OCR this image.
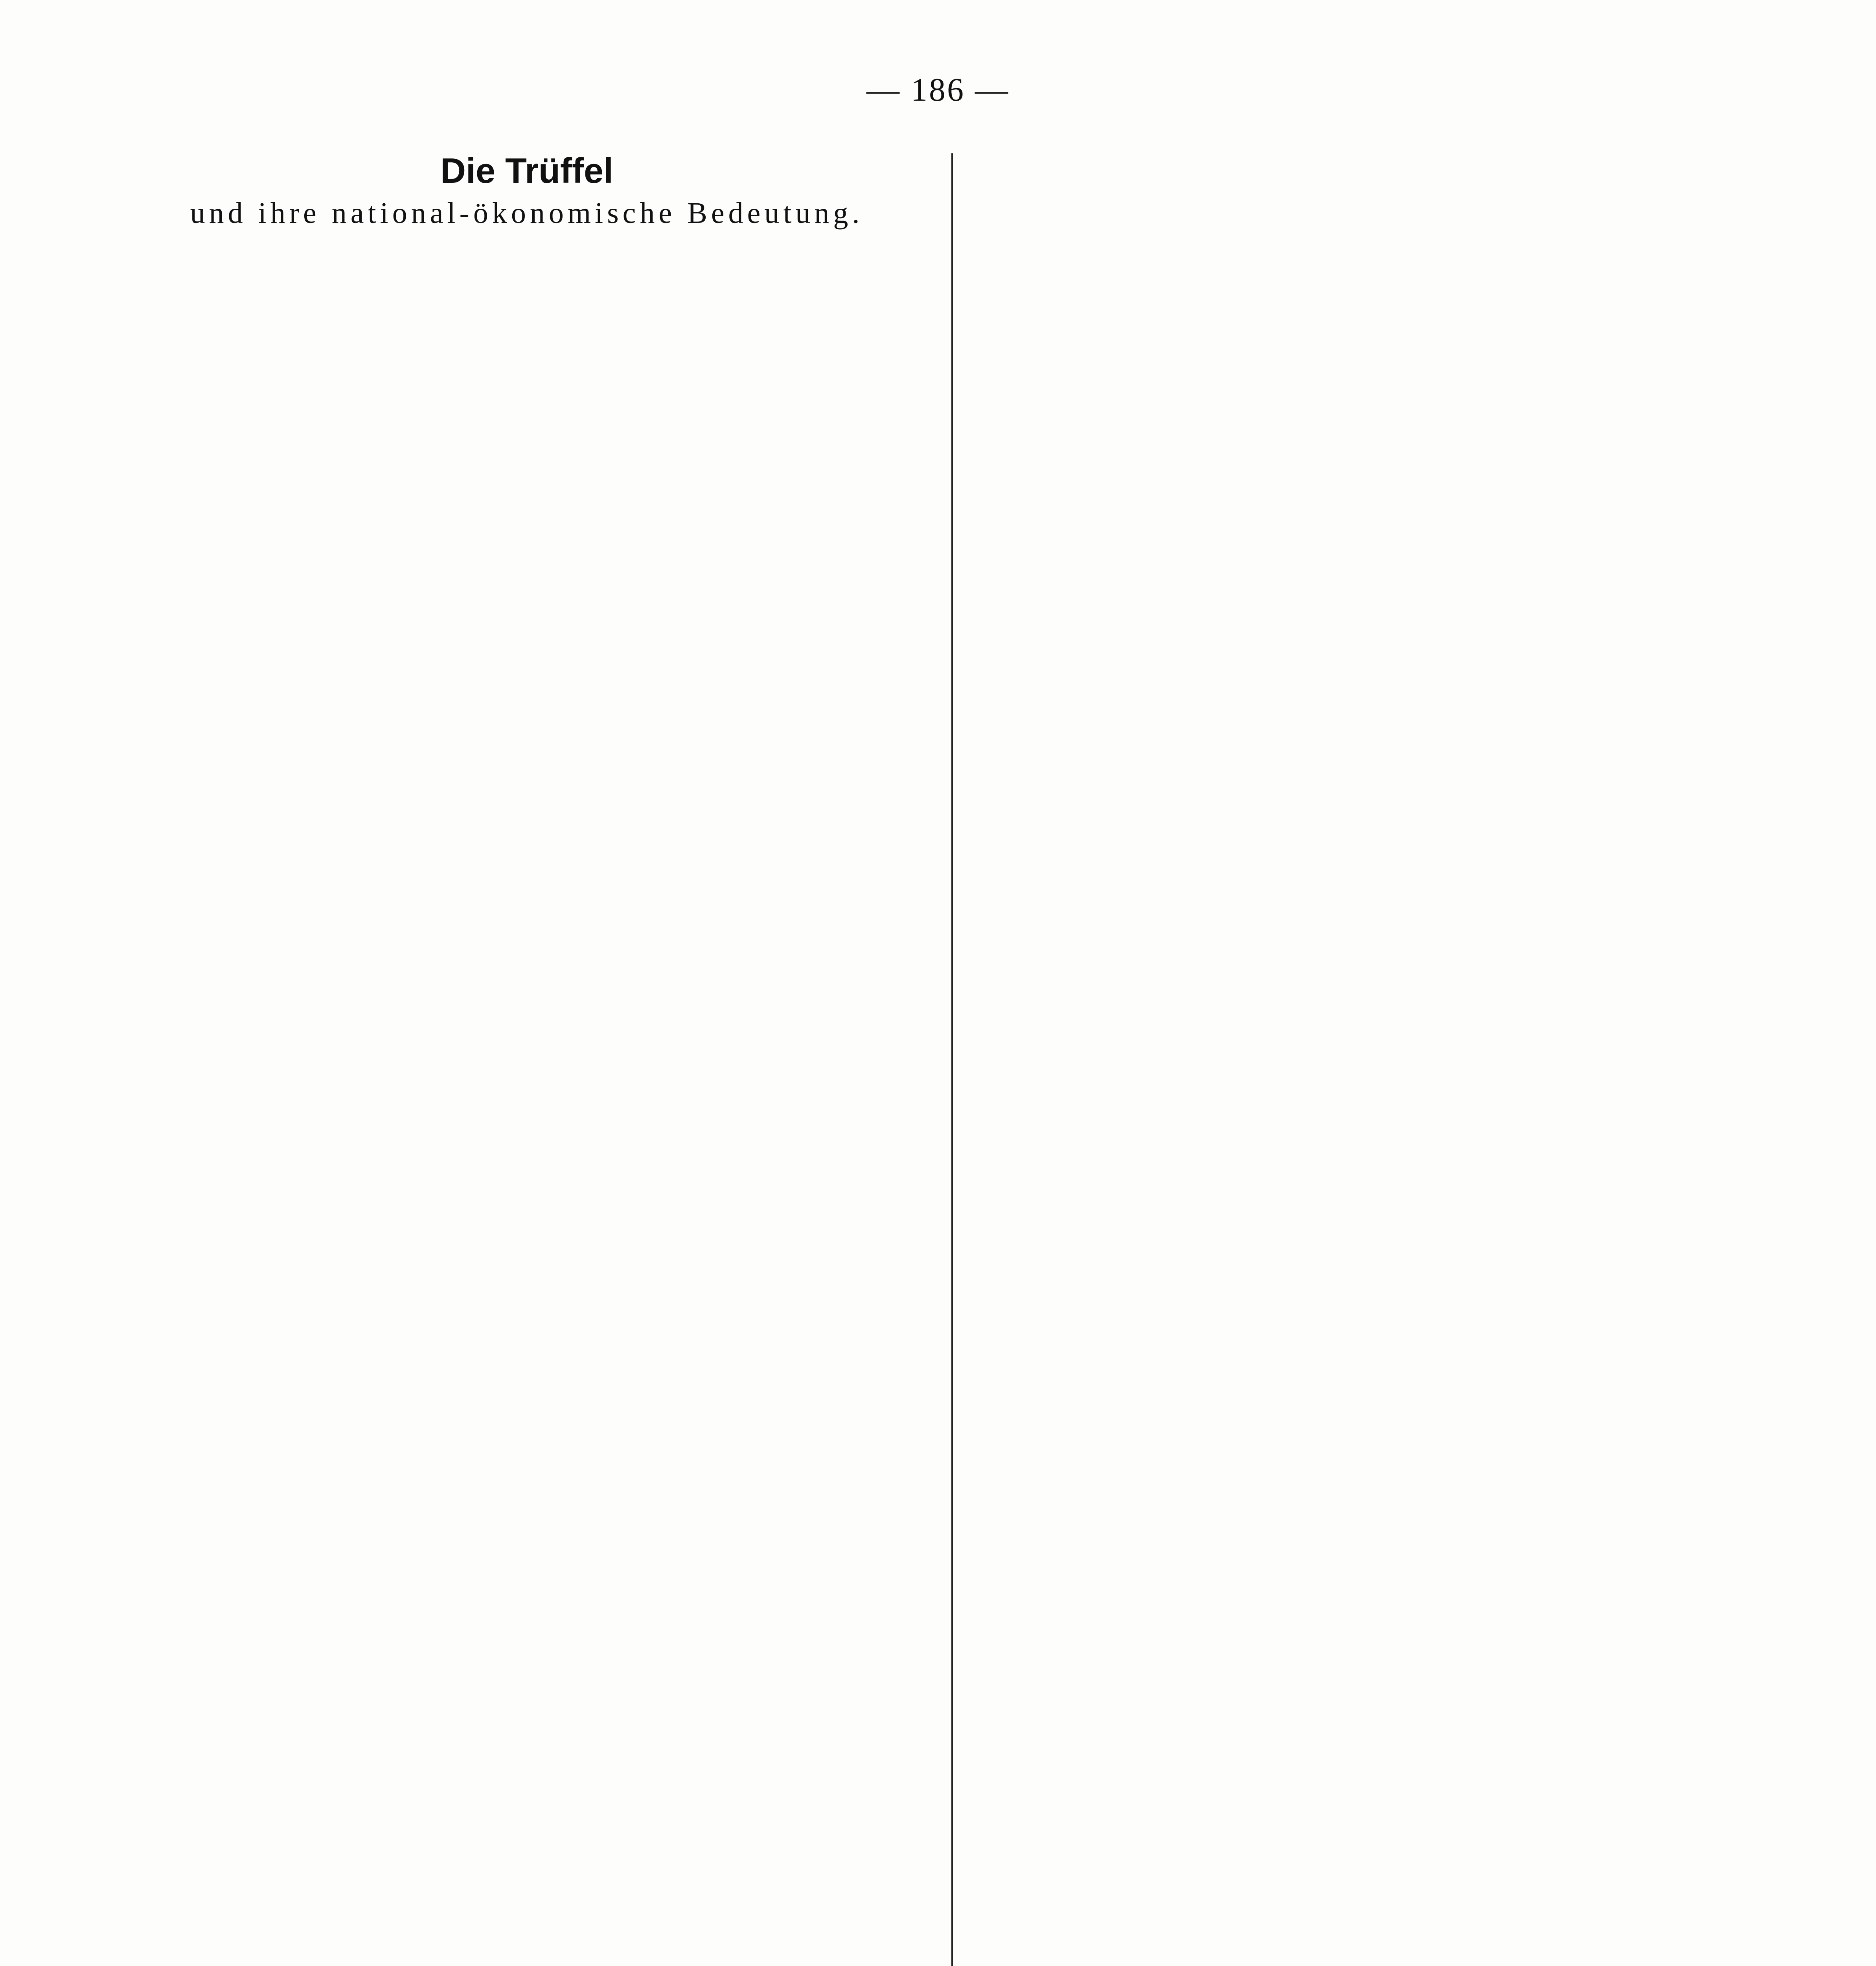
— 186 —
Die Trüffel

und ihre national-ökonomische Bedeutung.
